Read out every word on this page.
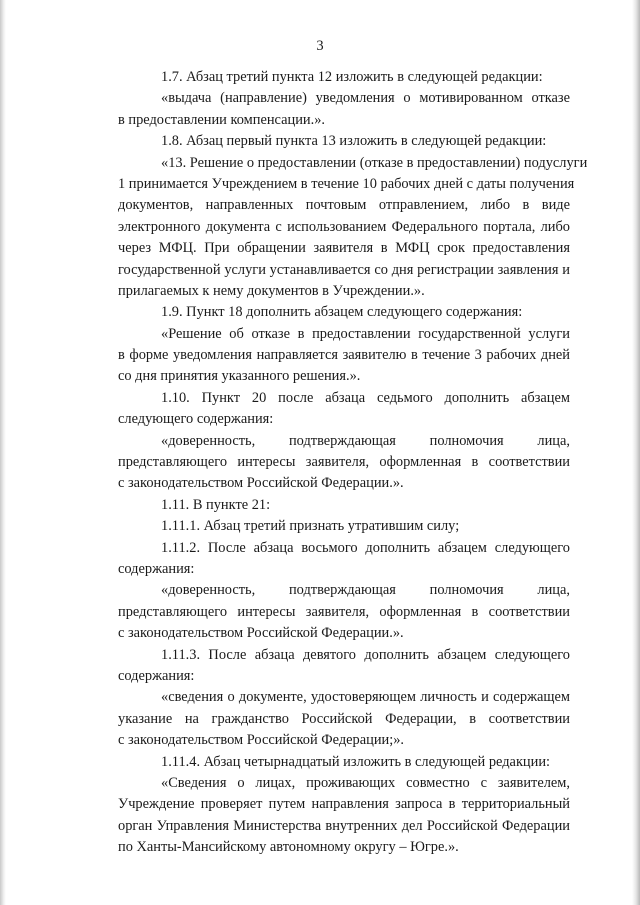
3
1.7. Абзац третий пункта 12 изложить в следующей редакции:
«выдача (направление) уведомления о мотивированном отказе
в предоставлении компенсации.».
1.8. Абзац первый пункта 13 изложить в следующей редакции:
«13. Решение о предоставлении (отказе в предоставлении) подуслуги
1 принимается Учреждением в течение 10 рабочих дней с даты получения
документов, направленных почтовым отправлением, либо в виде
электронного документа с использованием Федерального портала, либо
через МФЦ. При обращении заявителя в МФЦ срок предоставления
государственной услуги устанавливается со дня регистрации заявления и
прилагаемых к нему документов в Учреждении.».
1.9. Пункт 18 дополнить абзацем следующего содержания:
«Решение об отказе в предоставлении государственной услуги
в форме уведомления направляется заявителю в течение 3 рабочих дней
со дня принятия указанного решения.».
1.10. Пункт 20 после абзаца седьмого дополнить абзацем
следующего содержания:
«доверенность, подтверждающая полномочия лица,
представляющего интересы заявителя, оформленная в соответствии
с законодательством Российской Федерации.».
1.11. В пункте 21:
1.11.1. Абзац третий признать утратившим силу;
1.11.2. После абзаца восьмого дополнить абзацем следующего
содержания:
«доверенность, подтверждающая полномочия лица,
представляющего интересы заявителя, оформленная в соответствии
с законодательством Российской Федерации.».
1.11.3. После абзаца девятого дополнить абзацем следующего
содержания:
«сведения о документе, удостоверяющем личность и содержащем
указание на гражданство Российской Федерации, в соответствии
с законодательством Российской Федерации;».
1.11.4. Абзац четырнадцатый изложить в следующей редакции:
«Сведения о лицах, проживающих совместно с заявителем,
Учреждение проверяет путем направления запроса в территориальный
орган Управления Министерства внутренних дел Российской Федерации
по Ханты-Мансийскому автономному округу – Югре.».
